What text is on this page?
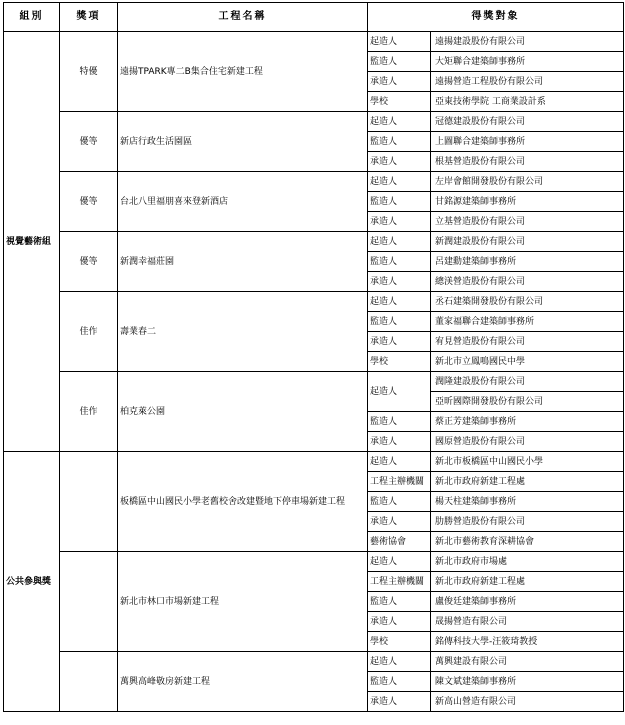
組別	獎項	工程名稱	得獎對象	
視覺藝術組	特優	遠揚TPARK專二B集合住宅新建工程	起造人	遠揚建設股份有限公司
			監造人	大矩聯合建築師事務所
			承造人	遠揚營造工程股份有限公司
			學校	亞東技術學院 工商業設計系
	優等	新店行政生活園區	起造人	冠德建設股份有限公司
			監造人	上圖聯合建築師事務所
			承造人	根基營造股份有限公司
	優等	台北八里福朋喜來登新酒店	起造人	左岸會館開發股份有限公司
			監造人	甘銘源建築師事務所
			承造人	立基營造股份有限公司
	優等	新潤幸福莊園	起造人	新潤建設股份有限公司
			監造人	呂建勳建築師事務所
			承造人	總渼營造股份有限公司
	佳作	壽業春二	起造人	丞石建築開發股份有限公司
			監造人	董家福聯合建築師事務所
			承造人	宥見營造股份有限公司
			學校	新北市立鳳鳴國民中學
	佳作	柏克萊公園	起造人	潤隆建設股份有限公司
				亞昕國際開發股份有限公司
			監造人	蔡正芳建築師事務所
			承造人	國原營造股份有限公司
公共參與獎		板橋區中山國民小學老舊校舍改建暨地下停車場新建工程	起造人	新北市板橋區中山國民小學
			工程主辦機關	新北市政府新建工程處
			監造人	楊天柱建築師事務所
			承造人	肋勝營造股份有限公司
			藝術協會	新北市藝術教育深耕協會
		新北市林口市場新建工程	起造人	新北市政府市場處
			工程主辦機關	新北市政府新建工程處
			監造人	盧俊廷建築師事務所
			承造人	晟揚營造有限公司
			學校	銘傳科技大學-汪筱琦教授
		萬興高峰敬房新建工程	起造人	萬興建設有限公司
			監造人	陳文斌建築師事務所
			承造人	新高山營造有限公司
